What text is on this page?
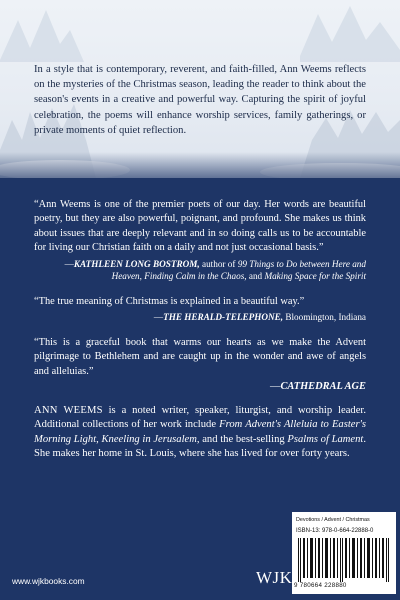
In a style that is contemporary, reverent, and faith-filled, Ann Weems reflects on the mysteries of the Christmas season, leading the reader to think about the season's events in a creative and powerful way. Capturing the spirit of joyful celebration, the poems will enhance worship services, family gatherings, or private moments of quiet reflection.

“Ann Weems is one of the premier poets of our day. Her words are beautiful poetry, but they are also powerful, poignant, and profound. She makes us think about issues that are deeply relevant and in so doing calls us to be accountable for living our Christian faith on a daily and not just occasional basis.”

—KATHLEEN LONG BOSTROM, author of 99 Things to Do between Here and Heaven, Finding Calm in the Chaos, and Making Space for the Spirit

“The true meaning of Christmas is explained in a beautiful way.”

—THE HERALD-TELEPHONE, Bloomington, Indiana

“This is a graceful book that warms our hearts as we make the Advent pilgrimage to Bethlehem and are caught up in the wonder and awe of angels and alleluias.”

—CATHEDRAL AGE

ANN WEEMS is a noted writer, speaker, liturgist, and worship leader. Additional collections of her work include From Advent's Alleluia to Easter's Morning Light, Kneeling in Jerusalem, and the best-selling Psalms of Lament. She makes her home in St. Louis, where she has lived for over forty years.

www.wjkbooks.com	WJK
Devotions / Advent / Christmas
ISBN-13: 978-0-664-22888-0
9 780664 228880
